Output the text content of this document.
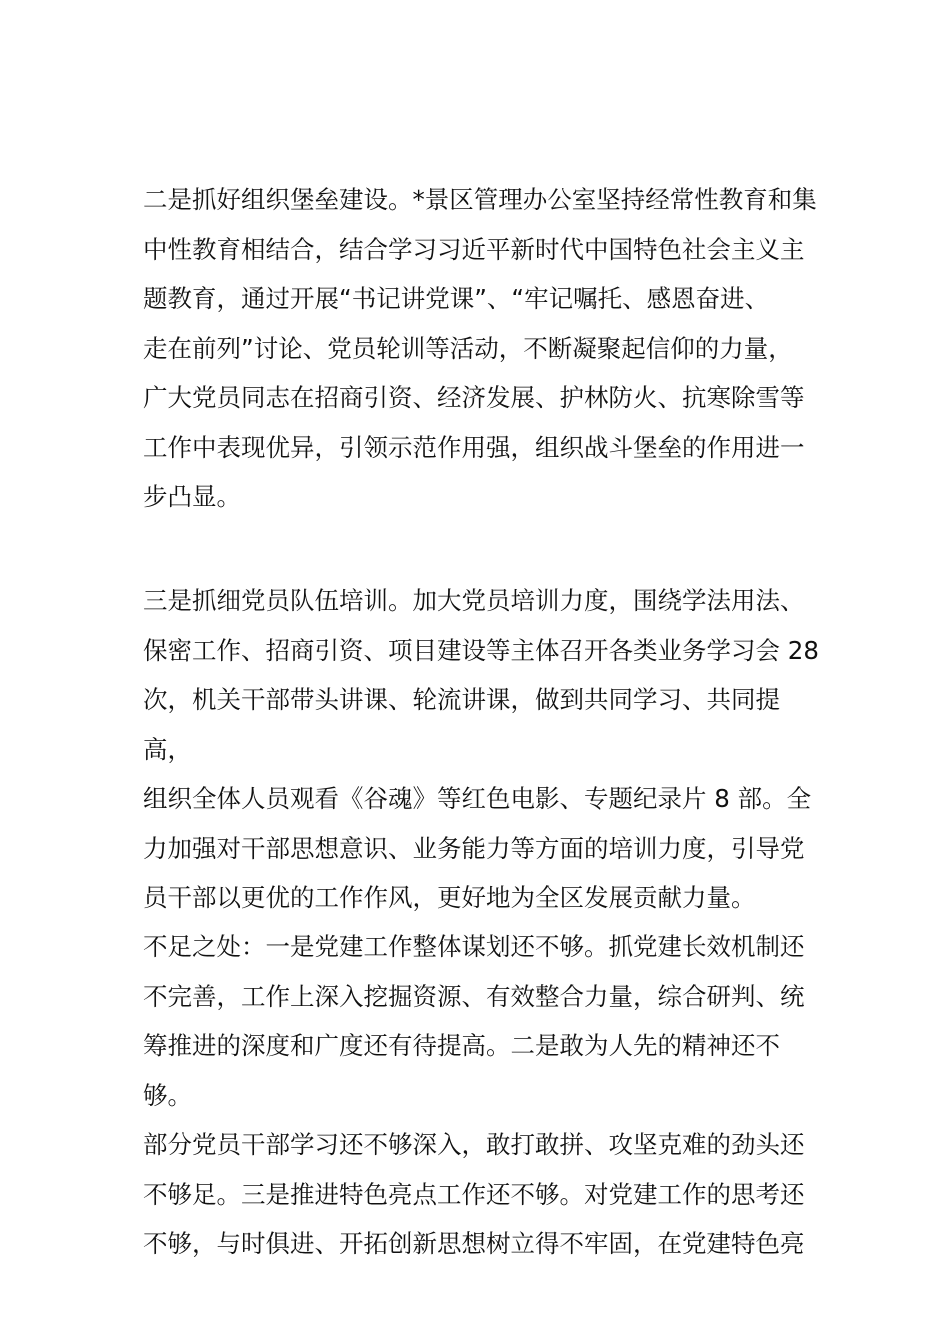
二是抓好组织堡垒建设。*景区管理办公室坚持经常性教育和集
中性教育相结合，结合学习习近平新时代中国特色社会主义主
题教育，通过开展“书记讲党课”、“牢记嘱托、感恩奋进、
走在前列”讨论、党员轮训等活动，不断凝聚起信仰的力量，
广大党员同志在招商引资、经济发展、护林防火、抗寒除雪等
工作中表现优异，引领示范作用强，组织战斗堡垒的作用进一
步凸显。

三是抓细党员队伍培训。加大党员培训力度，围绕学法用法、
保密工作、招商引资、项目建设等主体召开各类业务学习会 28
次，机关干部带头讲课、轮流讲课，做到共同学习、共同提高，
组织全体人员观看《谷魂》等红色电影、专题纪录片 8 部。全
力加强对干部思想意识、业务能力等方面的培训力度，引导党
员干部以更优的工作作风，更好地为全区发展贡献力量。

不足之处：一是党建工作整体谋划还不够。抓党建长效机制还
不完善，工作上深入挖掘资源、有效整合力量，综合研判、统
筹推进的深度和广度还有待提高。二是敢为人先的精神还不够。
部分党员干部学习还不够深入，敢打敢拼、攻坚克难的劲头还
不够足。三是推进特色亮点工作还不够。对党建工作的思考还
不够，与时俱进、开拓创新思想树立得不牢固，在党建特色亮
